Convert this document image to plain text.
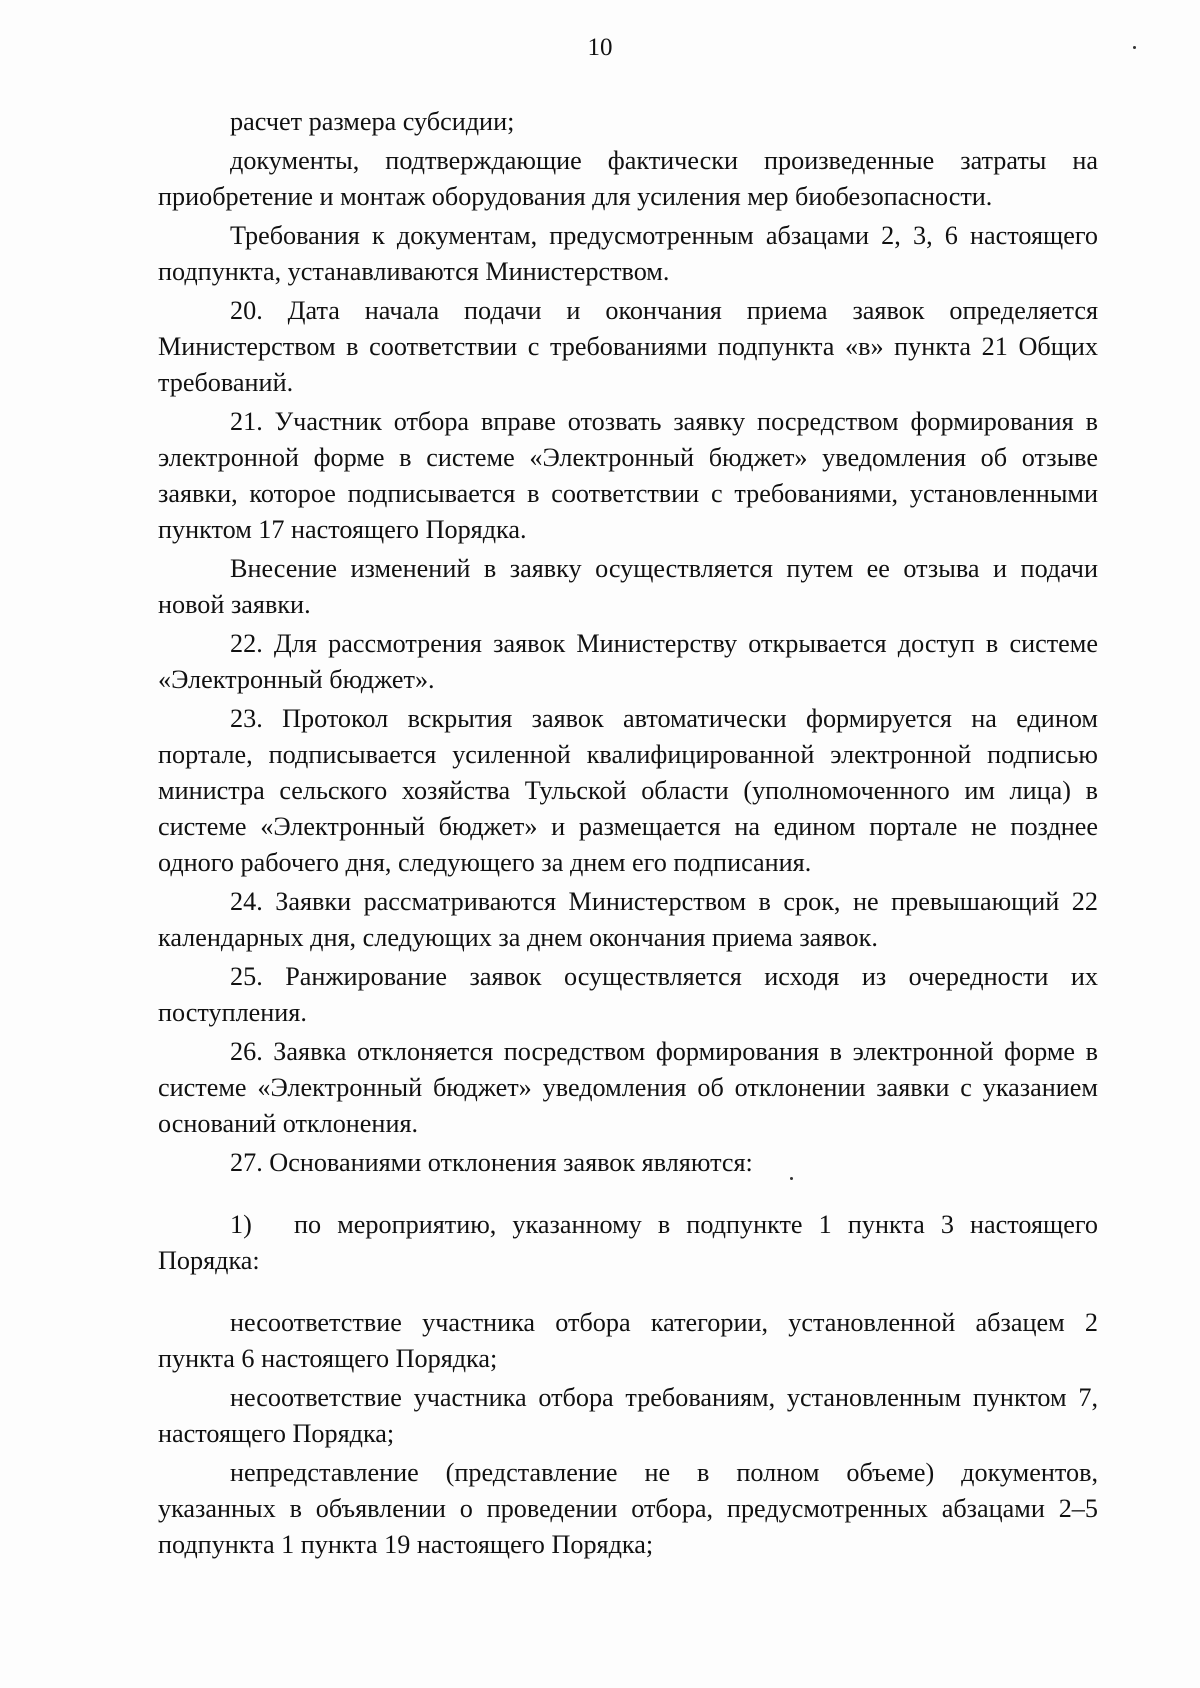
10

расчет размера субсидии;

документы, подтверждающие фактически произведенные затраты на приобретение и монтаж оборудования для усиления мер биобезопасности.

Требования к документам, предусмотренным абзацами 2, 3, 6 настоящего подпункта, устанавливаются Министерством.

20. Дата начала подачи и окончания приема заявок определяется Министерством в соответствии с требованиями подпункта «в» пункта 21 Общих требований.

21. Участник отбора вправе отозвать заявку посредством формирования в электронной форме в системе «Электронный бюджет» уведомления об отзыве заявки, которое подписывается в соответствии с требованиями, установленными пунктом 17 настоящего Порядка.

Внесение изменений в заявку осуществляется путем ее отзыва и подачи новой заявки.

22. Для рассмотрения заявок Министерству открывается доступ в системе «Электронный бюджет».

23. Протокол вскрытия заявок автоматически формируется на едином портале, подписывается усиленной квалифицированной электронной подписью министра сельского хозяйства Тульской области (уполномоченного им лица) в системе «Электронный бюджет» и размещается на едином портале не позднее одного рабочего дня, следующего за днем его подписания.

24. Заявки рассматриваются Министерством в срок, не превышающий 22 календарных дня, следующих за днем окончания приема заявок.

25. Ранжирование заявок осуществляется исходя из очередности их поступления.

26. Заявка отклоняется посредством формирования в электронной форме в системе «Электронный бюджет» уведомления об отклонении заявки с указанием оснований отклонения.

27. Основаниями отклонения заявок являются:

1) по мероприятию, указанному в подпункте 1 пункта 3 настоящего Порядка:

несоответствие участника отбора категории, установленной абзацем 2 пункта 6 настоящего Порядка;

несоответствие участника отбора требованиям, установленным пунктом 7, настоящего Порядка;

непредставление (представление не в полном объеме) документов, указанных в объявлении о проведении отбора, предусмотренных абзацами 2–5 подпункта 1 пункта 19 настоящего Порядка;
